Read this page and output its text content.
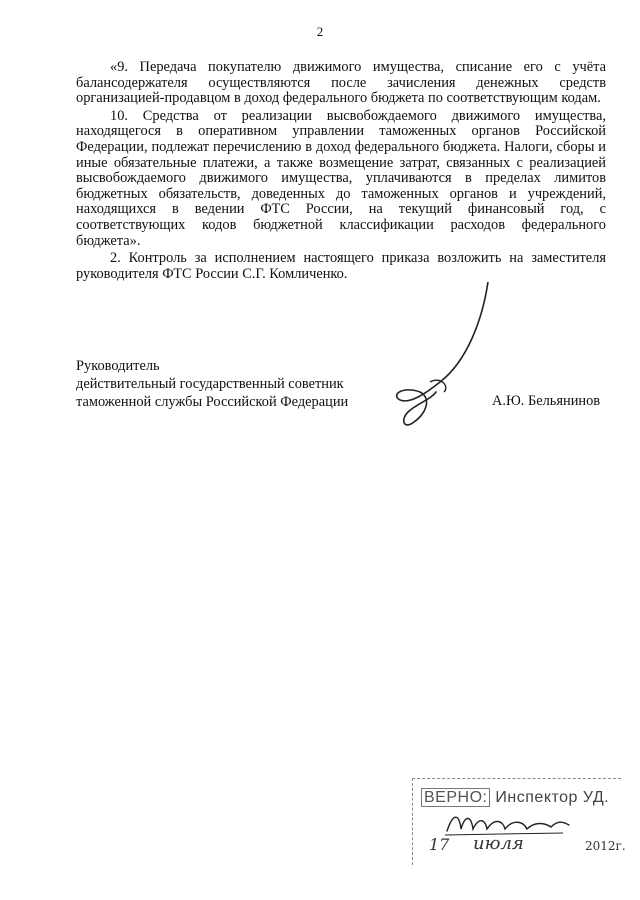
2

«9. Передача покупателю движимого имущества, списание его с учёта балансодержателя осуществляются после зачисления денежных средств организацией-продавцом в доход федерального бюджета по соответствующим кодам.

10. Средства от реализации высвобождаемого движимого имущества, находящегося в оперативном управлении таможенных органов Российской Федерации, подлежат перечислению в доход федерального бюджета. Налоги, сборы и иные обязательные платежи, а также возмещение затрат, связанных с реализацией высвобождаемого движимого имущества, уплачиваются в пределах лимитов бюджетных обязательств, доведенных до таможенных органов и учреждений, находящихся в ведении ФТС России, на текущий финансовый год, с соответствующих кодов бюджетной классификации расходов федерального бюджета».

2. Контроль за исполнением настоящего приказа возложить на заместителя руководителя ФТС России С.Г. Комличенко.

Руководитель
действительный государственный советник
таможенной службы Российской Федерации	А.Ю. Бельянинов
ВЕРНО: Инспектор УД.
17 июля	2012г.
